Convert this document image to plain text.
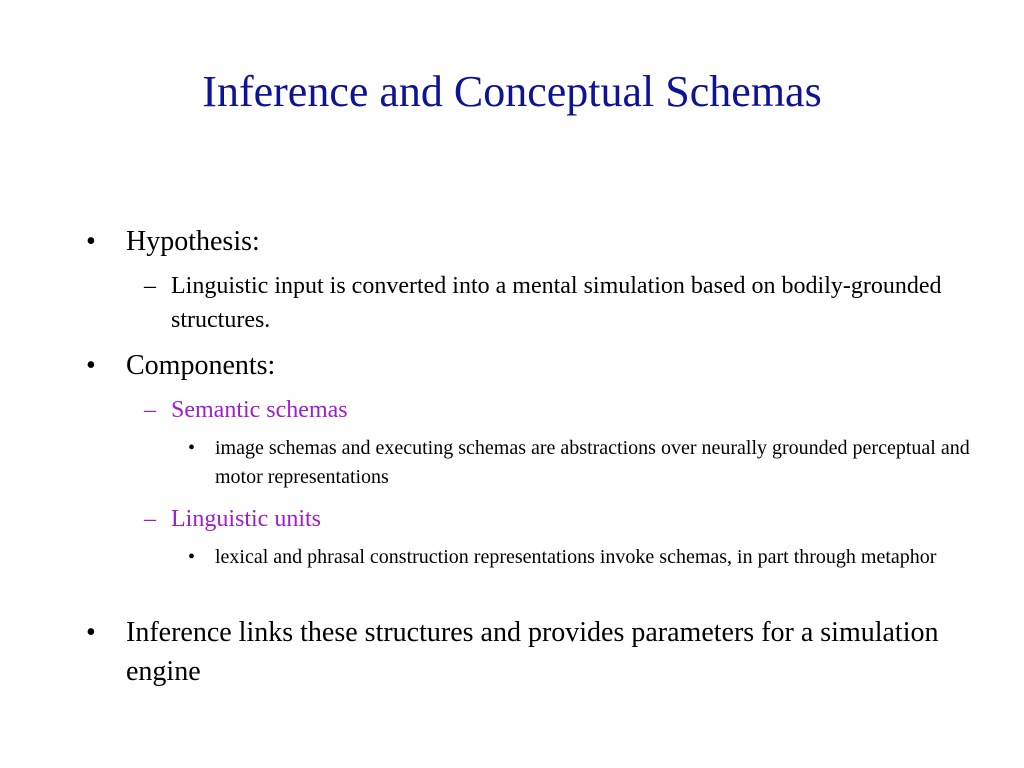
Inference and Conceptual Schemas
• Hypothesis:
– Linguistic input is converted into a mental simulation based on bodily-grounded structures.
• Components:
– Semantic schemas
• image schemas and executing schemas are abstractions over neurally grounded perceptual and motor representations
– Linguistic units
• lexical and phrasal construction representations invoke schemas, in part through metaphor
• Inference links these structures and provides parameters for a simulation engine
